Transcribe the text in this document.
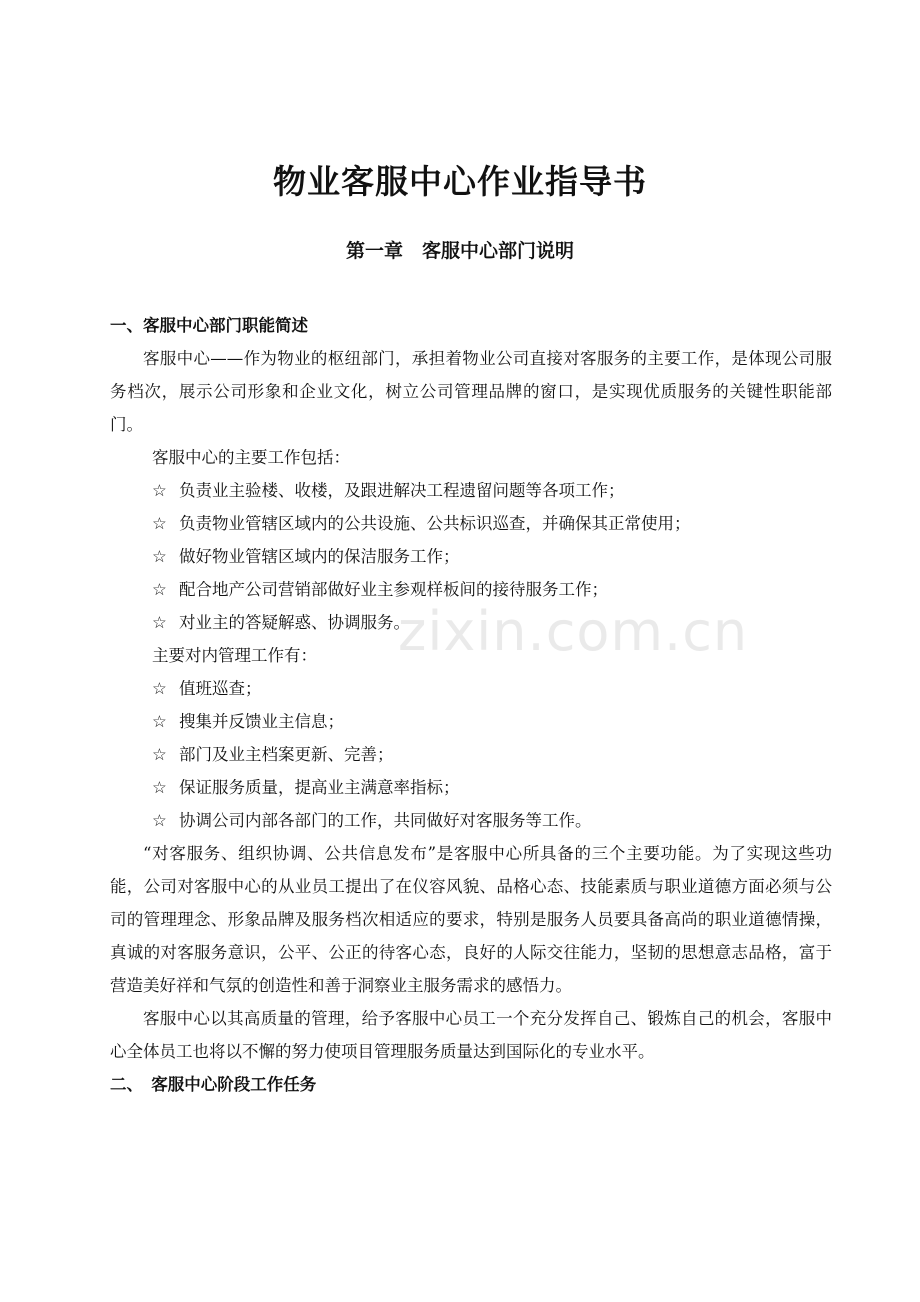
zixin.com.cn
物业客服中心作业指导书
第一章　客服中心部门说明
一、客服中心部门职能简述

客服中心——作为物业的枢纽部门，承担着物业公司直接对客服务的主要工作，是体现公司服务档次，展示公司形象和企业文化，树立公司管理品牌的窗口，是实现优质服务的关键性职能部门。

客服中心的主要工作包括：

☆ 负责业主验楼、收楼，及跟进解决工程遗留问题等各项工作；

☆ 负责物业管辖区域内的公共设施、公共标识巡查，并确保其正常使用；

☆ 做好物业管辖区域内的保洁服务工作；

☆ 配合地产公司营销部做好业主参观样板间的接待服务工作；

☆ 对业主的答疑解惑、协调服务。

主要对内管理工作有：

☆ 值班巡查；

☆ 搜集并反馈业主信息；

☆ 部门及业主档案更新、完善；

☆ 保证服务质量，提高业主满意率指标；

☆ 协调公司内部各部门的工作，共同做好对客服务等工作。

“对客服务、组织协调、公共信息发布”是客服中心所具备的三个主要功能。为了实现这些功能，公司对客服中心的从业员工提出了在仪容风貌、品格心态、技能素质与职业道德方面必须与公司的管理理念、形象品牌及服务档次相适应的要求，特别是服务人员要具备高尚的职业道德情操，真诚的对客服务意识，公平、公正的待客心态，良好的人际交往能力，坚韧的思想意志品格，富于营造美好祥和气氛的创造性和善于洞察业主服务需求的感悟力。

客服中心以其高质量的管理，给予客服中心员工一个充分发挥自己、锻炼自己的机会，客服中心全体员工也将以不懈的努力使项目管理服务质量达到国际化的专业水平。

二、　客服中心阶段工作任务
